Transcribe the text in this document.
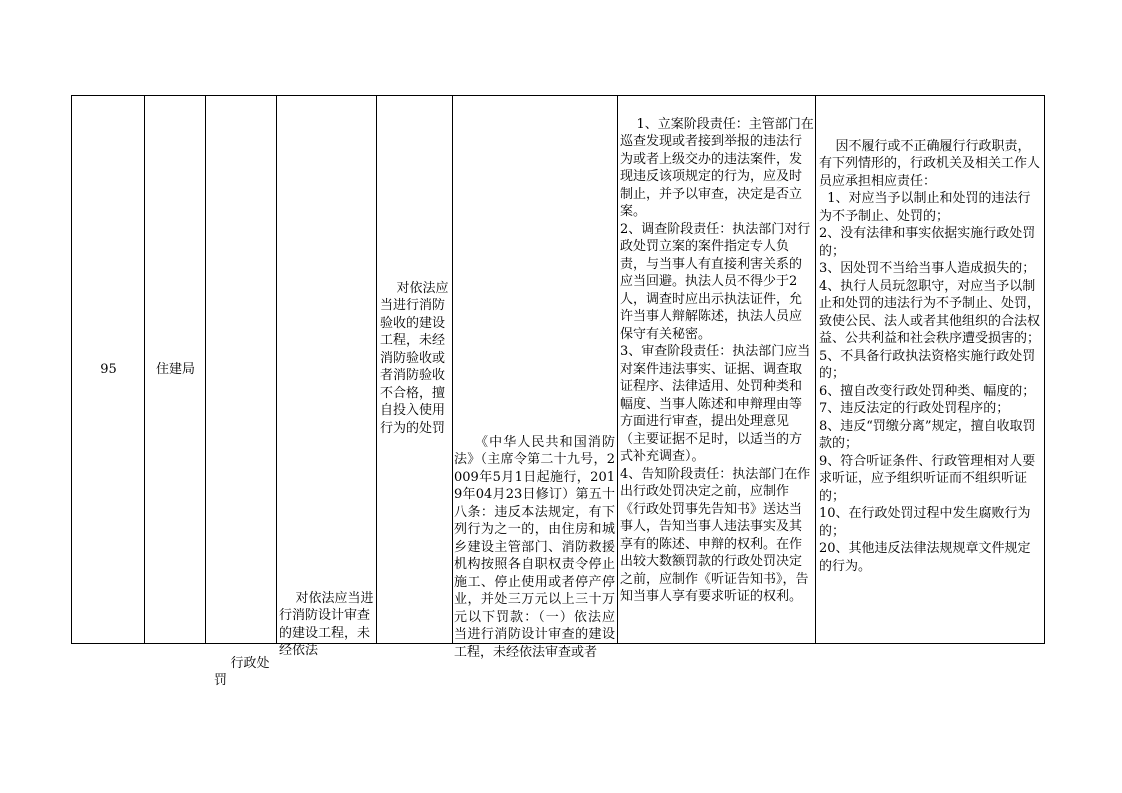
95	住建局

行政处罚

对依法应当进行消防设计审查的建设工程，未经依法

对依法应当进行消防验收的建设工程，未经消防验收或者消防验收不合格，擅自投入使用行为的处罚

《中华人民共和国消防法》（主席令第二十九号，2009年5月1日起施行，2019年04月23日修订）第五十八条：违反本法规定，有下列行为之一的，由住房和城乡建设主管部门、消防救援机构按照各自职权责令停止施工、停止使用或者停产停业，并处三万元以上三十万元以下罚款：（一）依法应当进行消防设计审查的建设工程，未经依法审查或者

1、立案阶段责任：主管部门在巡查发现或者接到举报的违法行为或者上级交办的违法案件，发现违反该项规定的行为，应及时制止，并予以审查，决定是否立案。
2、调查阶段责任：执法部门对行政处罚立案的案件指定专人负责，与当事人有直接利害关系的应当回避。执法人员不得少于2人，调查时应出示执法证件，允许当事人辩解陈述，执法人员应保守有关秘密。
3、审查阶段责任：执法部门应当对案件违法事实、证据、调查取证程序、法律适用、处罚种类和幅度、当事人陈述和申辩理由等方面进行审查，提出处理意见（主要证据不足时，以适当的方式补充调查）。
4、告知阶段责任：执法部门在作出行政处罚决定之前，应制作《行政处罚事先告知书》送达当事人，告知当事人违法事实及其享有的陈述、申辩的权利。在作出较大数额罚款的行政处罚决定之前，应制作《听证告知书》，告知当事人享有要求听证的权利。

因不履行或不正确履行行政职责，有下列情形的，行政机关及相关工作人员应承担相应责任：
1、对应当予以制止和处罚的违法行为不予制止、处罚的；
2、没有法律和事实依据实施行政处罚的；
3、因处罚不当给当事人造成损失的；
4、执行人员玩忽职守，对应当予以制止和处罚的违法行为不予制止、处罚，致使公民、法人或者其他组织的合法权益、公共利益和社会秩序遭受损害的；
5、不具备行政执法资格实施行政处罚的；
6、擅自改变行政处罚种类、幅度的；
7、违反法定的行政处罚程序的；
8、违反“罚缴分离”规定，擅自收取罚款的；
9、符合听证条件、行政管理相对人要求听证，应予组织听证而不组织听证的；
10、在行政处罚过程中发生腐败行为的；
20、其他违反法律法规规章文件规定的行为。
